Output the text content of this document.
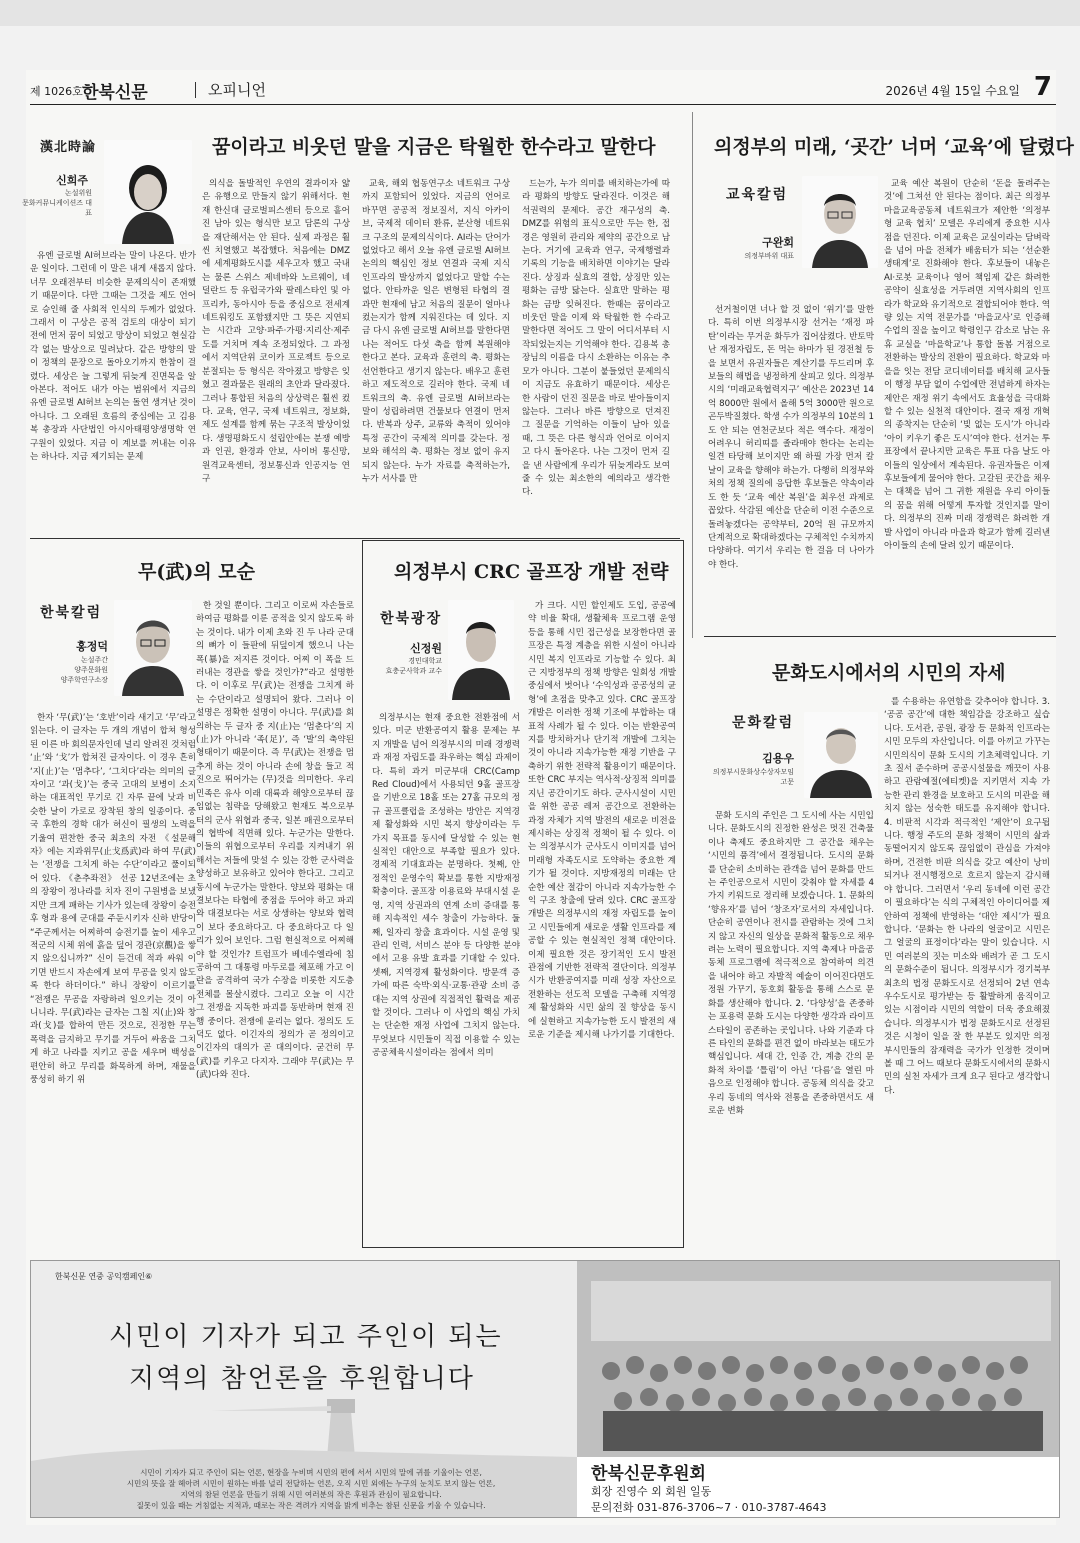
제 1026호 한북신문	오피니언	2026년 4월 15일 수요일 7
漢北時論	꿈이라고 비웃던 말을 지금은 탁월한 한수라고 말한다
신희주
논설위원
문화커뮤니케이션즈 대표

유엔 글로벌 AI허브라는 말이 나온다. 반가운 일이다. 그런데 이 말은 내게 새롭지 않다. 너무 오래전부터 비슷한 문제의식이 존재했기 때문이다. 다만 그때는 그것을 제도 언어로 승인해 줄 사회적 인식의 두께가 없었다. 그래서 이 구상은 공적 검토의 대상이 되기 전에 먼저 꿈이 되었고 망상이 되었고 현실감각 없는 발상으로 밀려났다. 같은 방향의 말이 정책의 문장으로 돌아오기까지 한참이 걸렸다. 세상은 늘 그렇게 뒤늦게 진면목을 알아본다. 적어도 내가 아는 범위에서 지금의 유엔 글로벌 AI허브 논의는 돌연 생겨난 것이 아니다. 그 오래된 흐름의 중심에는 고 김용복 총장과 사단법인 아시아태평양생명학 연구원이 있었다. 지금 이 계보를 꺼내는 이유는 하나다. 지금 제기되는 문제

의식을 돌발적인 우연의 결과이자 얇은 유행으로 만들지 않기 위해서다. 현재 한신대 글로벌피스센터 등으로 흩어진 남아 있는 형식만 보고 담론의 구상을 재단해서는 안 된다. 실제 과정은 훨씬 치열했고 복잡했다. 처음에는 DMZ에 세계평화도시를 세우고자 했고 국내는 물론 스위스 제네바와 노르웨이, 네덜란드 등 유럽국가와 팔레스타인 및 아프리카, 동아시아 등을 중심으로 전세계 네트워킹도 포함됐지만 그 뜻은 지연되는 시간과 고양·파주·가평·지리산·제주도를 거치며 계속 조정되었다. 그 과정에서 지역단위 코이카 프로젝트 등으로 분절되는 등 형식은 작아졌고 방향은 잊혔고 결과물은 원래의 초안과 달라졌다. 그러나 통합된 처음의 상상력은 훨씬 컸다. 교육, 연구, 국제 네트워크, 정보화, 제도 설계를 함께 묶는 구조적 발상이었다. 생명평화도시 설립안에는 분쟁 예방과 인권, 환경과 안보, 사이버 통신망, 원격교육센터, 정보통신과 인공지능 연구

교육, 해외 협동연구소 네트워크 구상까지 포함되어 있었다. 지금의 언어로 바꾸면 공공적 정보질서, 지식 아카이브, 국제적 데이터 환류, 분산형 네트워크 구조의 문제의식이다. AI라는 단어가 없었다고 해서 오늘 유엔 글로벌 AI허브 논의의 핵심인 정보 연결과 국제 지식 인프라의 발상까지 없었다고 말할 수는 없다. 안타까운 일은 변형된 타협의 결과만 현재에 남고 처음의 질문이 얼마나 컸는지가 함께 지워진다는 데 있다. 지금 다시 유엔 글로벌 AI허브를 말한다면 나는 적어도 다섯 축을 함께 복원해야 한다고 본다. 교육과 훈련의 축. 평화는 선언한다고 생기지 않는다. 배우고 훈련하고 제도적으로 길러야 한다. 국제 네트워크의 축. 유엔 글로벌 AI허브라는 말이 성립하려면 건물보다 연결이 먼저다. 반복과 상주, 교류와 축적이 있어야 특정 공간이 국제적 의미를 갖는다. 정보와 해석의 축. 평화는 정보 없이 유지되지 않는다. 누가 자료를 축적하는가, 누가 서사를 만

드는가, 누가 의미를 배치하는가에 따라 평화의 방향도 달라진다. 이것은 해석권력의 문제다. 공간 재구성의 축. DMZ를 위험의 표식으로만 두는 한, 접경은 영원히 관리와 제약의 공간으로 남는다. 거기에 교육과 연구, 국제행렬과 기록의 기능을 배치하면 이야기는 달라진다. 상징과 실효의 결합, 상징만 있는 평화는 금방 닳는다. 실효만 말하는 평화는 금방 잊혀진다. 한때는 꿈이라고 비웃던 말을 이제 와 탁월한 한 수라고 말한다면 적어도 그 말이 어디서부터 시작되었는지는 기억해야 한다. 김용복 총장님의 이름을 다시 소환하는 이유는 추모가 아니다. 그분이 붙들었던 문제의식이 지금도 유효하기 때문이다. 세상은 한 사람이 던진 질문을 바로 받아들이지 않는다. 그러나 바른 방향으로 던져진 그 질문을 기억하는 이들이 남아 있을 때, 그 뜻은 다른 형식과 언어로 이어지고 다시 돌아온다. 나는 그것이 먼저 길을 낸 사람에게 우리가 뒤늦게라도 보여 줄 수 있는 최소한의 예의라고 생각한다.

의정부의 미래, ‘곳간’ 너머 ‘교육’에 달렸다
교육칼럼
구완회
의정부바위 대표

선거철이면 너나 할 것 없이 ‘위기’를 말한다. 특히 이번 의정부시장 선거는 ‘재정 파탄’이라는 무거운 화두가 집어삼켰다. 반토막 난 재정자립도, 돈 먹는 하마가 된 경전철 등을 보면서 유권자들은 계산기를 두드리며 후보들의 해법을 냉정하게 살피고 있다. 의정부시의 ‘미래교육협력지구’ 예산은 2023년 14억 8000만 원에서 올해 5억 3000만 원으로 곤두박질쳤다. 학생 수가 의정부의 10분의 1도 안 되는 연천군보다 적은 액수다. 재정이 어려우니 허리띠를 졸라매야 한다는 논리는 일견 타당해 보이지만 왜 하필 가장 먼저 칼날이 교육을 향해야 하는가. 다행히 의정부와처의 정책 질의에 응답한 후보들은 약속이라도 한 듯 ‘교육 예산 복원’을 최우선 과제로 꼽았다. 삭감된 예산을 단순히 이전 수준으로 돌려놓겠다는 공약부터, 20억 원 규모까지 단계적으로 확대하겠다는 구체적인 수치까지 다양하다. 여기서 우리는 한 걸음 더 나아가야 한다.

교육 예산 복원이 단순히 ‘돈을 돌려주는 것’에 그쳐선 안 된다는 점이다. 최근 의정부 마을교육공동체 네트워크가 제안한 ‘의정부형 교육 협치’ 모델은 우리에게 중요한 시사점을 던진다. 이제 교육은 교실이라는 담벼락을 넘어 마을 전체가 배움터가 되는 ‘선순환 생태계’로 진화해야 한다. 후보들이 내놓은 AI·로봇 교육이나 영어 책임제 같은 화려한 공약이 실효성을 거두려면 지역사회의 인프라가 학교와 유기적으로 결합되어야 한다. 역량 있는 지역 전문가를 ‘마을교사’로 인증해 수업의 질을 높이고 학령인구 감소로 남는 유휴 교실을 ‘마을학교’나 통합 돌봄 거점으로 전환하는 발상의 전환이 필요하다. 학교와 마을을 잇는 전담 코디네이터를 배치해 교사들이 행정 부담 없이 수업에만 전념하게 하자는 제안은 재정 위기 속에서도 효율성을 극대화할 수 있는 실천적 대안이다. 결국 재정 개혁의 종착지는 단순히 ‘빚 없는 도시’가 아니라 ‘아이 키우기 좋은 도시’여야 한다. 선거는 투표장에서 끝나지만 교육은 투표 다음 날도 아이들의 일상에서 계속된다. 유권자들은 이제 후보들에게 물어야 한다. 고갈된 곳간을 채우는 대책을 넘어 그 귀한 재원을 우리 아이들의 꿈을 위해 어떻게 투자할 것인지를 말이다. 의정부의 진짜 미래 경쟁력은 화려한 개발 사업이 아니라 마을과 학교가 함께 길러낸 아이들의 손에 달려 있기 때문이다.

무(武)의 모순
한북칼럼
홍정덕
논설주간
양주문화원
양주학연구소장

한자 ‘무(武)’는 ‘호반’이라 새기고 ‘무’라고 읽는다. 이 글자는 두 개의 개념이 합쳐 형성된 이른 바 회의문자인데 널리 알려진 것처럼 ‘止’와 ‘戈’가 합쳐진 글자이다. 이 경우 흔히 ‘지(止)’는 ‘멈추다’, ‘그치다’라는 의미의 글자이고 ‘과(戈)’는 중국 고대의 보병이 소지하는 대표적인 무기로 긴 자루 끝에 낫과 비슷한 날이 가로로 장착된 창의 일종이다. 중국 후한의 경학 대가 허신이 필생의 노력을 기울여 편찬한 중국 최초의 자전 《설문해자》에는 지과위무(止戈爲武)라 하여 무(武)는 ‘전쟁을 그치게 하는 수단’이라고 풀이되어 있다. 《춘추좌전》 선공 12년조에는 초의 장왕이 정나라를 치자 진이 구원병을 보냈지만 크게 패하는 기사가 있는데 장왕이 승전 후 형과 용에 군대를 주둔시키자 신하 반당이 “주군께서는 어찌하여 승전기를 높이 세우고 적군의 시체 위에 흙을 덮어 경관(京觀)을 쌓지 않으십니까?” 신이 듣건데 적과 싸워 이기면 반드시 자손에게 보여 무공을 잊지 않도록 한다 하더이다.” 하니 장왕이 이르기를 “전쟁은 무공을 자랑하려 일으키는 것이 아니니라. 무(武)라는 글자는 그칠 지(止)와 창 과(戈)를 합하여 만든 것으로, 진정한 무는 폭력을 금지하고 무기를 거두어 싸움을 그치게 하고 나라를 지키고 공을 세우며 백성을 편안히 하고 무리를 화목하게 하며, 재물을 풍성히 하기 위

한 것일 뿐이다. 그리고 이로써 자손들로 하여금 평화를 이룬 공적을 잊지 않도록 하는 것이다. 내가 이제 초와 진 두 나라 군대의 뼈가 이 들판에 뒤덮이게 했으니 나는 폭(暴)을 저지른 것이다. 어찌 이 폭을 드러내는 경관을 쌓을 것인가?”라고 설명한다. 이 이후로 무(武)는 전쟁을 그치게 하는 수단이라고 설명되어 왔다. 그러나 이 설명은 정확한 설명이 아니다. 무(武)를 회의하는 두 글자 중 지(止)는 ‘멈춘다’의 지(止)가 아니라 ‘족(足)’, 즉 ‘발’의 축약된 형태이기 때문이다. 즉 무(武)는 전쟁을 멈추게 하는 것이 아니라 손에 창을 들고 적진으로 뛰어가는 (무)것을 의미한다. 우리 민족은 유사 이래 대륙과 해양으로부터 끊임없는 침략을 당해왔고 현재도 북으로부터의 군사 위협과 중국, 일본 패권으로부터의 협박에 직면해 있다. 누군가는 말한다. 이들의 위협으로부터 우리를 지켜내기 위해서는 저들에 맞설 수 있는 강한 군사력을 양성하고 보유하고 있어야 한다고. 그리고 동시에 누군가는 말한다. 양보와 평화는 대결보다는 타협에 중점을 두어야 하고 파괴와 대결보다는 서로 상생하는 양보와 협력이 보다 중요하다고. 다 중요하다고 다 일리가 있어 보인다. 그럼 현실적으로 어찌해야 할 것인가? 트럼프가 베네수엘라에 침공하여 그 대통령 마두로를 체포해 가고 이란을 공격하여 국가 수장을 비롯한 지도층 전체를 몰살시켰다. 그리고 오늘 이 시간 그 전쟁을 지독한 파괴를 동반하며 현재 진행 중이다. 전쟁에 윤리는 없다. 정의도 도덕도 없다. 이긴자의 정의가 곧 정의이고 이긴자의 대의가 곧 대의이다. 굳건히 무(武)를 키우고 다지자. 그래야 무(武)는 무(武)다와 진다.

의정부시 CRC 골프장 개발 전략
한북광장
신정원
경민대학교
효충군사학과 교수

의정부시는 현재 중요한 전환점에 서 있다. 미군 반환공여지 활용 문제는 부지 개발을 넘어 의정부시의 미래 경쟁력과 재정 자립도를 좌우하는 핵심 과제이다. 특히 과거 미군부대 CRC(Camp Red Cloud)에서 사용되던 9홀 골프장을 기반으로 18홀 또는 27홀 규모의 정규 골프클럽을 조성하는 방안은 지역경제 활성화와 시민 복지 향상이라는 두 가지 목표를 동시에 달성할 수 있는 현실적인 대안으로 부족할 필요가 있다. 경제적 기대효과는 분명하다. 첫째, 안정적인 운영수익 확보를 통한 지방재정 확충이다. 골프장 이용료와 부대시설 운영, 지역 상권과의 연계 소비 증대를 통해 지속적인 세수 창출이 가능하다. 둘째, 일자리 창출 효과이다. 시설 운영 및 관리 인력, 서비스 분야 등 다양한 분야에서 고용 유발 효과를 기대할 수 있다. 셋째, 지역경제 활성화이다. 방문객 증가에 따른 숙박·외식·교통·관광 소비 증대는 지역 상권에 직접적인 활력을 제공할 것이다. 그러나 이 사업의 핵심 가치는 단순한 재정 사업에 그치지 않는다. 무엇보다 시민들이 직접 이용할 수 있는 공공체육시설이라는 점에서 의미

가 크다. 시민 할인제도 도입, 공공예약 비율 확대, 생활체육 프로그램 운영 등을 통해 시민 접근성을 보장한다면 골프장은 특정 계층을 위한 시설이 아니라 시민 복지 인프라로 기능할 수 있다. 최근 지방정부의 정책 방향은 일회성 개발 중심에서 벗어나 ‘수익성과 공공성의 균형’에 초점을 맞추고 있다. CRC 골프장 개발은 이러한 정책 기조에 부합하는 대표적 사례가 될 수 있다. 이는 반환공여지를 방치하거나 단기적 개발에 그치는 것이 아니라 지속가능한 재정 기반을 구축하기 위한 전략적 활용이기 때문이다. 또한 CRC 부지는 역사적·상징적 의미를 지닌 공간이기도 하다. 군사시설이 시민을 위한 공공 레저 공간으로 전환하는 과정 자체가 지역 발전의 새로운 비전을 제시하는 상징적 정책이 될 수 있다. 이는 의정부시가 군사도시 이미지를 넘어 미래형 자족도시로 도약하는 중요한 계기가 될 것이다. 지방재정의 미래는 단순한 예산 절감이 아니라 지속가능한 수익 구조 창출에 달려 있다. CRC 골프장 개발은 의정부시의 재정 자립도를 높이고 시민들에게 새로운 생활 인프라를 제공할 수 있는 현실적인 정책 대안이다. 이제 필요한 것은 장기적인 도시 발전 관점에 기반한 전략적 결단이다. 의정부시가 반환공여지를 미래 성장 자산으로 전환하는 선도적 모델을 구축해 지역경제 활성화와 시민 삶의 질 향상을 동시에 실현하고 지속가능한 도시 발전의 새로운 기준을 제시해 나가기를 기대한다.

문화도시에서의 시민의 자세
문화칼럼
김용우
의정부시문화상수상자모임
고문

문화 도시의 주인은 그 도시에 사는 시민입니다. 문화도시의 진정한 완성은 멋진 건축물이나 축제도 중요하지만 그 공간을 채우는 ‘시민의 품격’에서 결정됩니다. 도시의 문화를 단순히 소비하는 관객을 넘어 문화를 만드는 주인공으로서 시민이 갖춰야 할 자세를 4가지 키워드로 정리해 보겠습니다. 1. 문화의 ‘향유자’를 넘어 ‘창조자’로서의 자세입니다. 단순히 공연이나 전시를 관람하는 것에 그치지 않고 자신의 일상을 문화적 활동으로 채우려는 노력이 필요합니다. 지역 축제나 마을공동체 프로그램에 적극적으로 참여하여 의견을 내어야 하고 자발적 예술이 이어진다면도 정원 가꾸기, 동호회 활동을 통해 스스로 문화를 생산해야 합니다. 2. ‘다양성’을 존중하는 포용력 문화 도시는 다양한 생각과 라이프스타일이 공존하는 곳입니다. 나와 기준과 다른 타인의 문화를 편견 없이 바라보는 태도가 핵심입니다. 세대 간, 인종 간, 계층 간의 문화적 차이를 ‘틀림’이 아닌 ‘다름’을 열린 마음으로 인정해야 합니다. 공동체 의식을 갖고 우리 동네의 역사와 전통을 존중하면서도 새로운 변화

를 수용하는 유연함을 갖추어야 합니다. 3. ‘공공 공간’에 대한 책임감을 강조하고 싶습니다. 도서관, 공원, 광장 등 문화적 인프라는 시민 모두의 자산입니다. 이를 아끼고 가꾸는 시민의식이 문화 도시의 기초체력입니다. 기초 질서 준수하며 공공시설물을 깨끗이 사용하고 관람예절(에티켓)을 지키면서 지속 가능한 관리 환경을 보호하고 도시의 미관을 해치지 않는 성숙한 태도를 유지해야 합니다. 4. 비판적 시각과 적극적인 ‘제안’이 요구됩니다. 행정 주도의 문화 정책이 시민의 삶과 동떨어지지 않도록 끊임없이 관심을 가져야 하며, 건전한 비판 의식을 갖고 예산이 낭비되거나 전시행정으로 흐르지 않는지 감시해야 합니다. 그러면서 ‘우리 동네에 이런 공간이 필요하다’는 식의 구체적인 아이디어를 제안하여 정책에 반영하는 ‘대안 제시’가 필요 합니다. ‘문화는 한 나라의 얼굴이고 시민은 그 얼굴의 표정이다’라는 말이 있습니다. 시민 여러분의 짓는 미소와 배려가 곧 그 도시의 문화수준이 됩니다. 의정부시가 경기북부 최초의 법정 문화도시로 선정되어 2년 연속 우수도시로 평가받는 등 활발하게 움직이고 있는 시점이라 시민의 역할이 더욱 중요해졌습니다. 의정부시가 법정 문화도시로 선정된 것은 시청이 일을 잘 한 부분도 있지만 의정부시민들의 잠재력을 국가가 인정한 것이며 볼 때 그 어느 때보다 문화도시에서의 문화시민의 실천 자세가 크게 요구 된다고 생각합니다.

한북신문 연중 공익캠페인⑥
시민이 기자가 되고 주인이 되는
지역의 참언론을 후원합니다
시민이 기자가 되고 주인이 되는 언론, 현장을 누비며 시민의 편에 서서 시민의 말에 귀를 기울이는 언론,
시민의 뜻을 잘 헤아려 시민이 원하는 바를 널리 전달하는 언론, 오직 시민 외에는 누구의 눈치도 보지 않는 언론,
지역의 참된 언론을 만들기 위해 시민 여러분의 작은 후원과 관심이 필요합니다.
질못이 있을 때는 거침없는 지적과, 때로는 작은 격려가 지역을 밝게 비추는 참된 신문을 키울 수 있습니다.
한북신문후원회
회장 진영수 외 회원 일동
문의전화 031-876-3706~7 · 010-3787-4643
